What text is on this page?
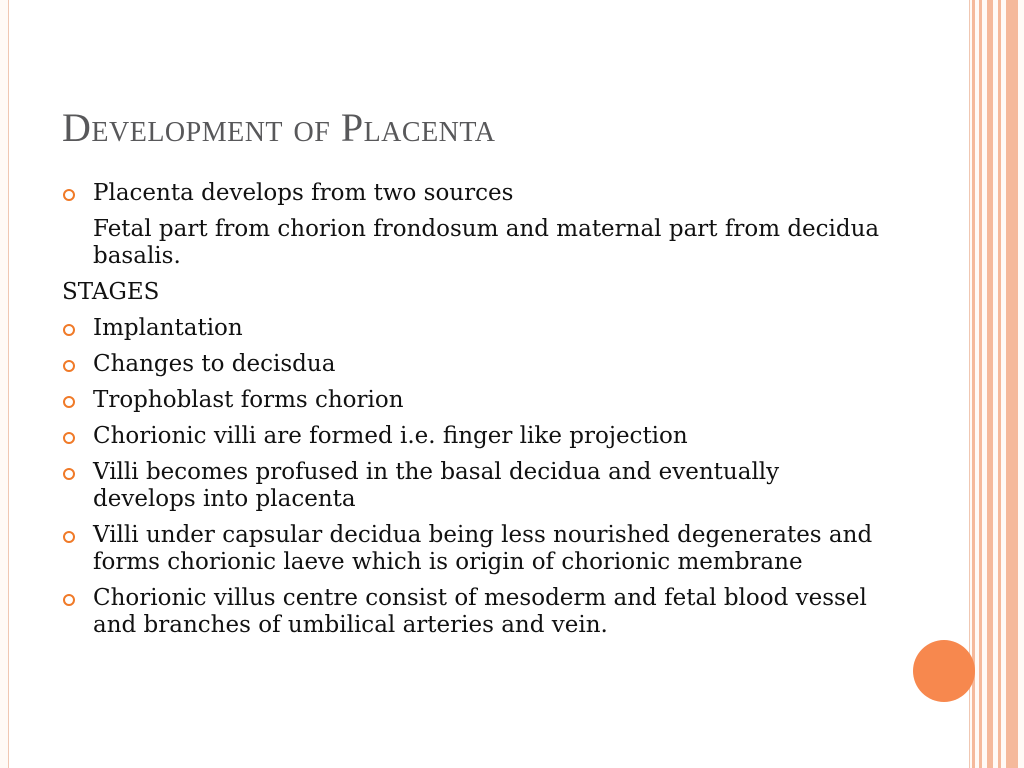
Development of Placenta
Placenta develops from two sources
Fetal part from chorion frondosum and maternal part from decidua basalis.
STAGES
Implantation
Changes to decisdua
Trophoblast forms chorion
Chorionic villi are formed i.e. finger like projection
Villi becomes profused in the basal decidua and eventually develops into placenta
Villi under capsular decidua being less nourished degenerates and forms chorionic laeve which is origin of chorionic membrane
Chorionic villus centre consist of mesoderm and fetal blood vessel and branches of umbilical arteries and vein.
